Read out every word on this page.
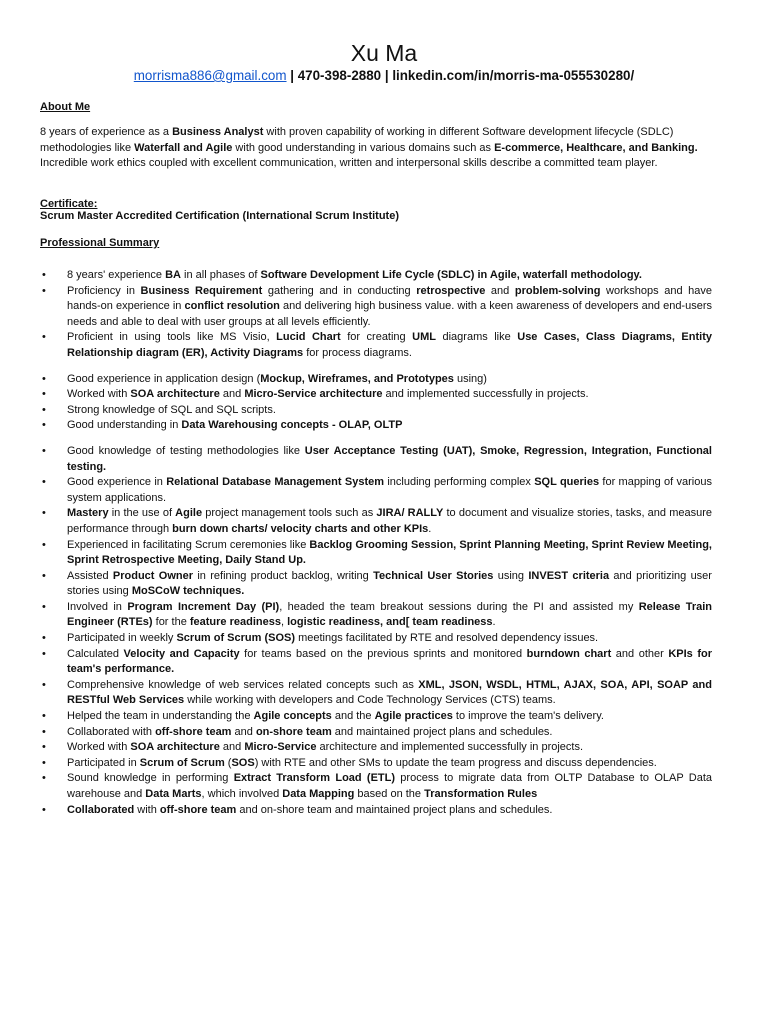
Xu Ma
morrisma886@gmail.com | 470-398-2880 | linkedin.com/in/morris-ma-055530280/
About Me
8 years of experience as a Business Analyst with proven capability of working in different Software development lifecycle (SDLC) methodologies like Waterfall and Agile with good understanding in various domains such as E-commerce, Healthcare, and Banking. Incredible work ethics coupled with excellent communication, written and interpersonal skills describe a committed team player.
Certificate:
Scrum Master Accredited Certification (International Scrum Institute)
Professional Summary
• 8 years' experience BA in all phases of Software Development Life Cycle (SDLC) in Agile, waterfall methodology.
• Proficiency in Business Requirement gathering and in conducting retrospective and problem-solving workshops and have hands-on experience in conflict resolution and delivering high business value. with a keen awareness of developers and end-users needs and able to deal with user groups at all levels efficiently.
• Proficient in using tools like MS Visio, Lucid Chart for creating UML diagrams like Use Cases, Class Diagrams, Entity Relationship diagram (ER), Activity Diagrams for process diagrams.
• Good experience in application design (Mockup, Wireframes, and Prototypes using)
• Worked with SOA architecture and Micro-Service architecture and implemented successfully in projects.
• Strong knowledge of SQL and SQL scripts.
• Good understanding in Data Warehousing concepts - OLAP, OLTP
• Good knowledge of testing methodologies like User Acceptance Testing (UAT), Smoke, Regression, Integration, Functional testing.
• Good experience in Relational Database Management System including performing complex SQL queries for mapping of various system applications.
• Mastery in the use of Agile project management tools such as JIRA/ RALLY to document and visualize stories, tasks, and measure performance through burn down charts/ velocity charts and other KPIs.
• Experienced in facilitating Scrum ceremonies like Backlog Grooming Session, Sprint Planning Meeting, Sprint Review Meeting, Sprint Retrospective Meeting, Daily Stand Up.
• Assisted Product Owner in refining product backlog, writing Technical User Stories using INVEST criteria and prioritizing user stories using MoSCoW techniques.
• Involved in Program Increment Day (PI), headed the team breakout sessions during the PI and assisted my Release Train Engineer (RTEs) for the feature readiness, logistic readiness, and[ team readiness.
• Participated in weekly Scrum of Scrum (SOS) meetings facilitated by RTE and resolved dependency issues.
• Calculated Velocity and Capacity for teams based on the previous sprints and monitored burndown chart and other KPIs for team's performance.
• Comprehensive knowledge of web services related concepts such as XML, JSON, WSDL, HTML, AJAX, SOA, API, SOAP and RESTful Web Services while working with developers and Code Technology Services (CTS) teams.
• Helped the team in understanding the Agile concepts and the Agile practices to improve the team's delivery.
• Collaborated with off-shore team and on-shore team and maintained project plans and schedules.
• Worked with SOA architecture and Micro-Service architecture and implemented successfully in projects.
• Participated in Scrum of Scrum (SOS) with RTE and other SMs to update the team progress and discuss dependencies.
• Sound knowledge in performing Extract Transform Load (ETL) process to migrate data from OLTP Database to OLAP Data warehouse and Data Marts, which involved Data Mapping based on the Transformation Rules
• Collaborated with off-shore team and on-shore team and maintained project plans and schedules.
